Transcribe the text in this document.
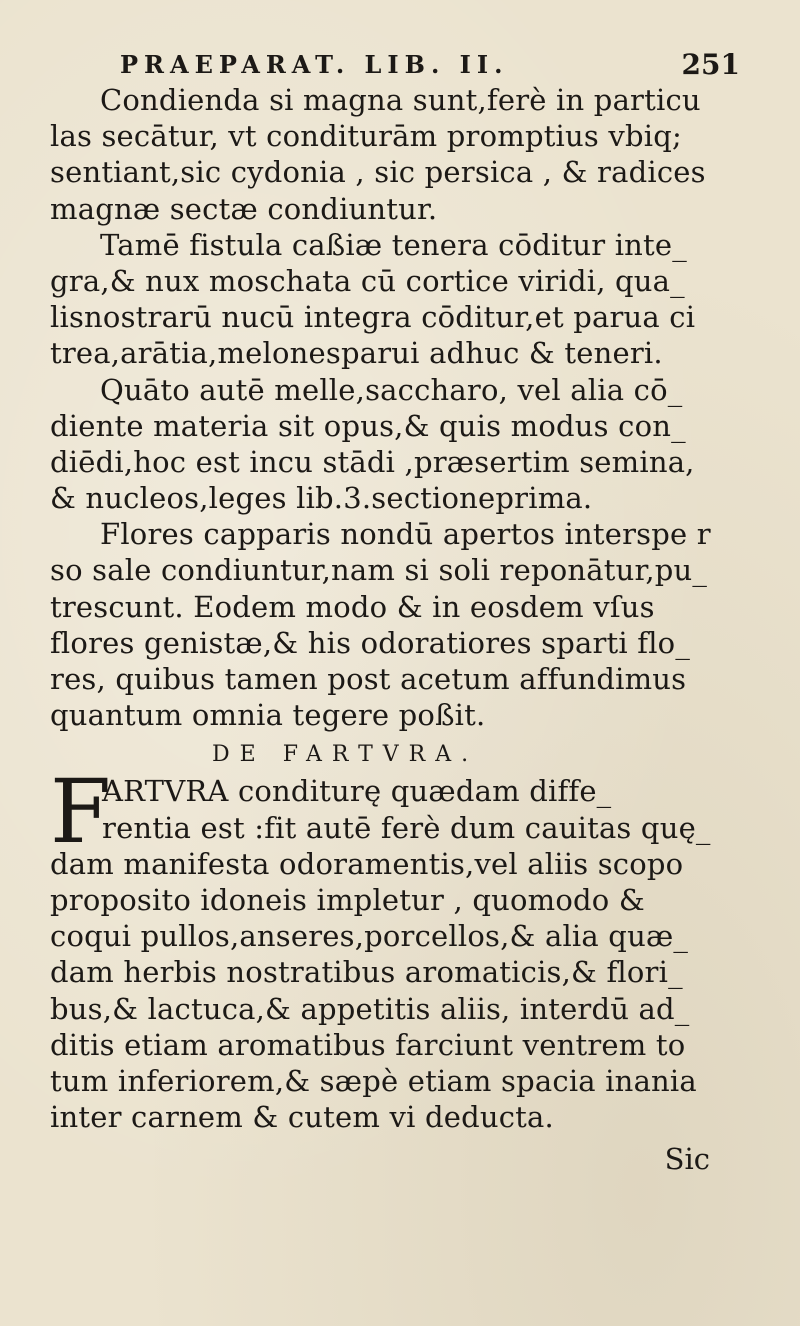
PRAEPARAT. LIB. II.	251
Condienda si magna sunt,ferè in particu
las secātur, vt conditurām promptius vbiq;
sentiant,sic cydonia , sic persica , & radices
magnæ sectæ condiuntur.
Tamē fistula caßiæ tenera cōditur inte_
gra,& nux moschata cū cortice viridi, qua_
lisnostrarū nucū integra cōditur,et parua ci
trea,arātia,melonesparui adhuc & teneri.
Quāto autē melle,saccharo, vel alia cō_
diente materia sit opus,& quis modus con_
diēdi,hoc est incu stādi ,præsertim semina,
& nucleos,leges lib.3.sectioneprima.
Flores capparis nondū apertos interspe r
so sale condiuntur,nam si soli reponātur,pu_
trescunt. Eodem modo & in eosdem vſus
flores genistæ,& his odoratiores sparti flo_
res, quibus tamen post acetum affundimus
quantum omnia tegere poßit.
DE FARTVRA.
F
ARTVRA conditurę quædam diffe_
rentia est :fit autē ferè dum cauitas quę_
dam manifesta odoramentis,vel aliis scopo
proposito idoneis impletur , quomodo &
coqui pullos,anseres,porcellos,& alia quæ_
dam herbis nostratibus aromaticis,& flori_
bus,& lactuca,& appetitis aliis, interdū ad_
ditis etiam aromatibus farciunt ventrem to
tum inferiorem,& sæpè etiam spacia inania
inter carnem & cutem vi deducta.
Sic
